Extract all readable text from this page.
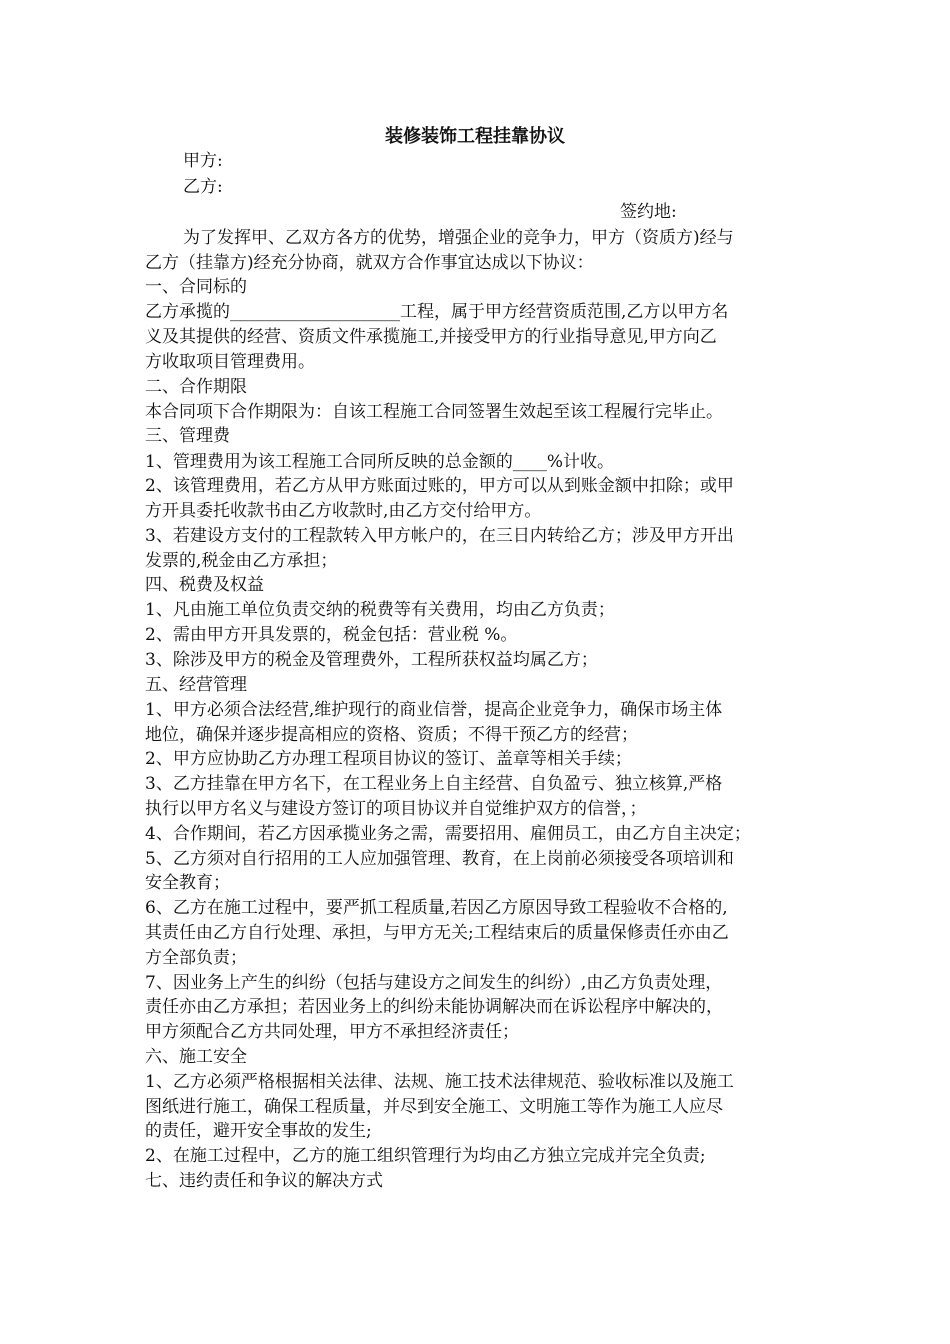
装修装饰工程挂靠协议
甲方:
乙方:
签约地:
为了发挥甲、乙双方各方的优势，增强企业的竞争力，甲方（资质方)经与
乙方（挂靠方)经充分协商，就双方合作事宜达成以下协议：
一、合同标的
乙方承揽的____________________工程，属于甲方经营资质范围,乙方以甲方名
义及其提供的经营、资质文件承揽施工,并接受甲方的行业指导意见,甲方向乙
方收取项目管理费用。
二、合作期限
本合同项下合作期限为：自该工程施工合同签署生效起至该工程履行完毕止。
三、管理费
1、管理费用为该工程施工合同所反映的总金额的____%计收。
2、该管理费用，若乙方从甲方账面过账的，甲方可以从到账金额中扣除；或甲
方开具委托收款书由乙方收款时,由乙方交付给甲方。
3、若建设方支付的工程款转入甲方帐户的，在三日内转给乙方；涉及甲方开出
发票的,税金由乙方承担；
四、税费及权益
1、凡由施工单位负责交纳的税费等有关费用，均由乙方负责；
2、需由甲方开具发票的，税金包括：营业税 %。
3、除涉及甲方的税金及管理费外，工程所获权益均属乙方；
五、经营管理
1、甲方必须合法经营,维护现行的商业信誉，提高企业竞争力，确保市场主体
地位，确保并逐步提高相应的资格、资质；不得干预乙方的经营；
2、甲方应协助乙方办理工程项目协议的签订、盖章等相关手续；
3、乙方挂靠在甲方名下，在工程业务上自主经营、自负盈亏、独立核算,严格
执行以甲方名义与建设方签订的项目协议并自觉维护双方的信誉，；
4、合作期间，若乙方因承揽业务之需，需要招用、雇佣员工，由乙方自主决定；
5、乙方须对自行招用的工人应加强管理、教育，在上岗前必须接受各项培训和
安全教育；
6、乙方在施工过程中，要严抓工程质量,若因乙方原因导致工程验收不合格的,
其责任由乙方自行处理、承担，与甲方无关;工程结束后的质量保修责任亦由乙
方全部负责；
7、因业务上产生的纠纷（包括与建设方之间发生的纠纷）,由乙方负责处理，
责任亦由乙方承担；若因业务上的纠纷未能协调解决而在诉讼程序中解决的，
甲方须配合乙方共同处理，甲方不承担经济责任；
六、施工安全
1、乙方必须严格根据相关法律、法规、施工技术法律规范、验收标准以及施工
图纸进行施工，确保工程质量，并尽到安全施工、文明施工等作为施工人应尽
的责任，避开安全事故的发生;
2、在施工过程中，乙方的施工组织管理行为均由乙方独立完成并完全负责;
七、违约责任和争议的解决方式
